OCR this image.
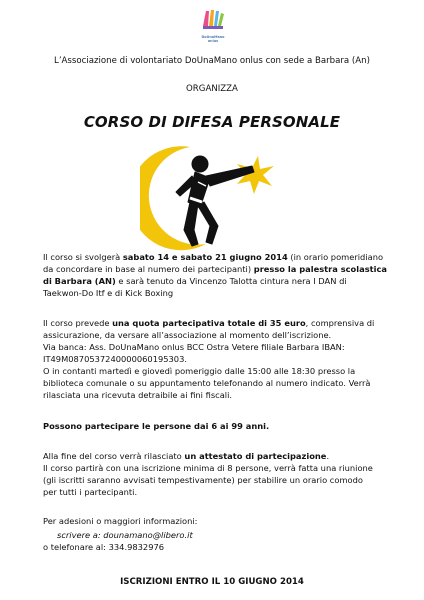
DoUnaMano
onlus
L’Associazione di volontariato DoUnaMano onlus con sede a Barbara (An)
ORGANIZZA
CORSO DI DIFESA PERSONALE
Il corso si svolgerà sabato 14 e sabato 21 giugno 2014 (in orario pomeridiano
da concordare in base al numero dei partecipanti) presso la palestra scolastica
di Barbara (AN) e sarà tenuto da Vincenzo Talotta cintura nera I DAN di
Taekwon-Do Itf e di Kick Boxing
Il corso prevede una quota partecipativa totale di 35 euro, comprensiva di
assicurazione, da versare all’associazione al momento dell’iscrizione.
Via banca: Ass. DoUnaMano onlus BCC Ostra Vetere filiale Barbara IBAN:
IT49M0870537240000060195303.
O in contanti martedì e giovedì pomeriggio dalle 15:00 alle 18:30 presso la
biblioteca comunale o su appuntamento telefonando al numero indicato. Verrà
rilasciata una ricevuta detraibile ai fini fiscali.
Possono partecipare le persone dai 6 ai 99 anni.
Alla fine del corso verrà rilasciato un attestato di partecipazione.
Il corso partirà con una iscrizione minima di 8 persone, verrà fatta una riunione
(gli iscritti saranno avvisati tempestivamente) per stabilire un orario comodo
per tutti i partecipanti.
Per adesioni o maggiori informazioni:
scrivere a: dounamano@libero.it
o telefonare al: 334.9832976
ISCRIZIONI ENTRO IL 10 GIUGNO 2014
